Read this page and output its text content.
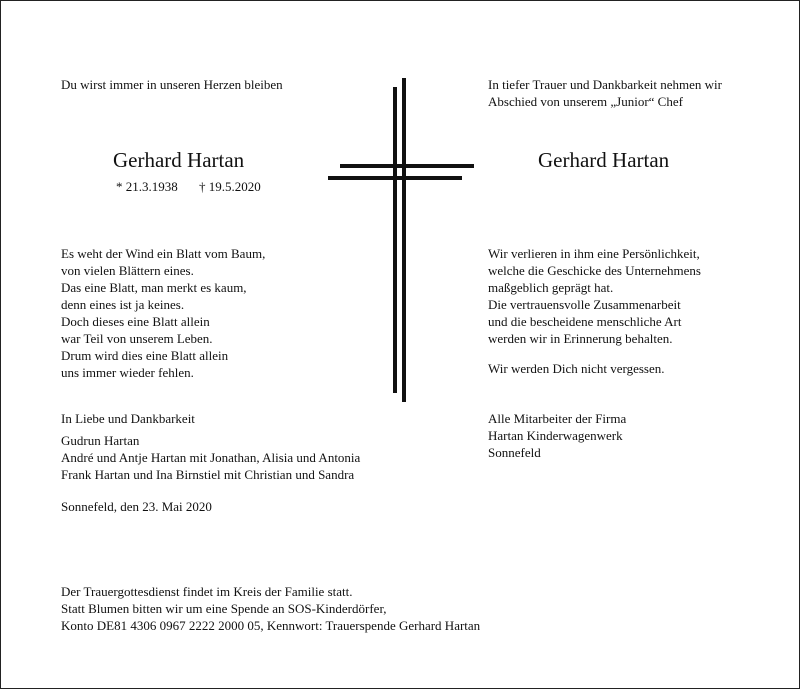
Du wirst immer in unseren Herzen bleiben
Gerhard Hartan
* 21.3.1938 † 19.5.2020
Es weht der Wind ein Blatt vom Baum,
von vielen Blättern eines.
Das eine Blatt, man merkt es kaum,
denn eines ist ja keines.
Doch dieses eine Blatt allein
war Teil von unserem Leben.
Drum wird dies eine Blatt allein
uns immer wieder fehlen.
In Liebe und Dankbarkeit
Gudrun Hartan
André und Antje Hartan mit Jonathan, Alisia und Antonia
Frank Hartan und Ina Birnstiel mit Christian und Sandra
Sonnefeld, den 23. Mai 2020
In tiefer Trauer und Dankbarkeit nehmen wir
Abschied von unserem „Junior“ Chef
Gerhard Hartan
Wir verlieren in ihm eine Persönlichkeit,
welche die Geschicke des Unternehmens
maßgeblich geprägt hat.
Die vertrauensvolle Zusammenarbeit
und die bescheidene menschliche Art
werden wir in Erinnerung behalten.
Wir werden Dich nicht vergessen.
Alle Mitarbeiter der Firma
Hartan Kinderwagenwerk
Sonnefeld
Der Trauergottesdienst findet im Kreis der Familie statt.
Statt Blumen bitten wir um eine Spende an SOS-Kinderdörfer,
Konto DE81 4306 0967 2222 2000 05, Kennwort: Trauerspende Gerhard Hartan
